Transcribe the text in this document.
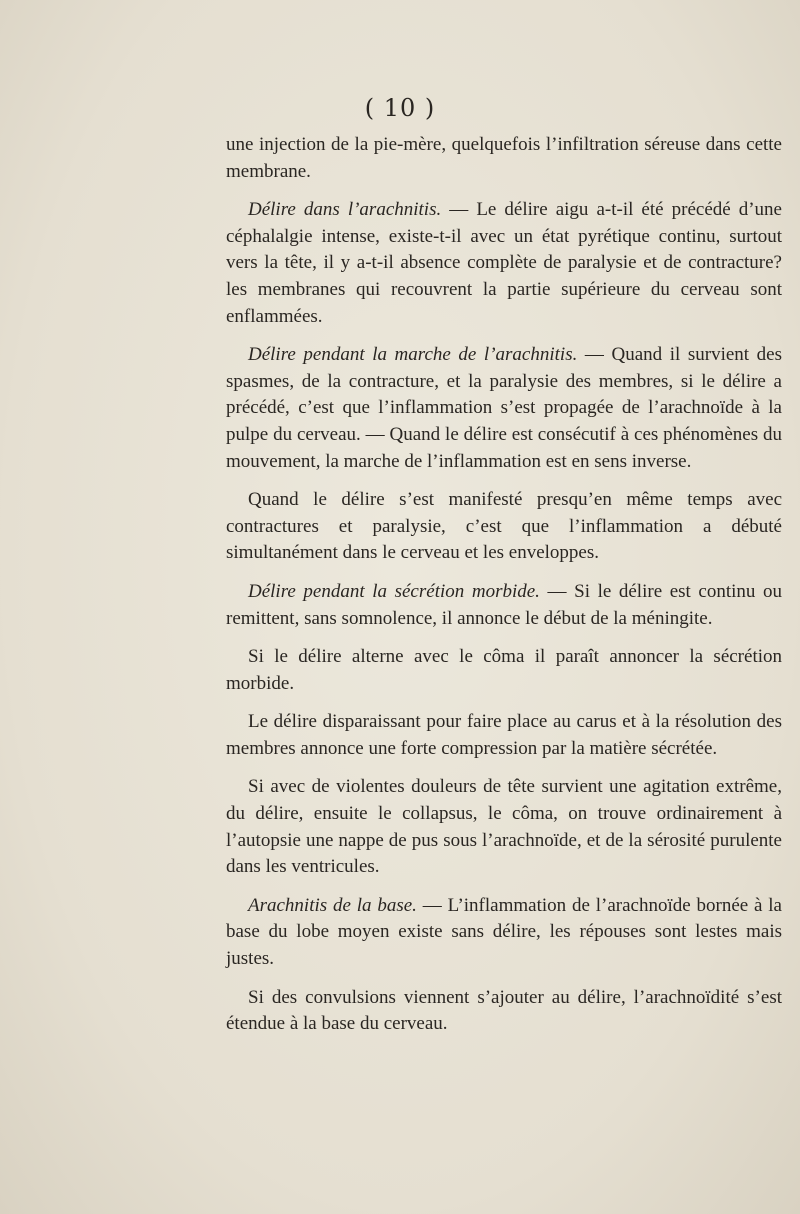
( 10 )

une injection de la pie-mère, quelquefois l’infiltration séreuse dans cette membrane.

Délire dans l’arachnitis. — Le délire aigu a-t-il été précédé d’une céphalalgie intense, existe-t-il avec un état pyrétique continu, surtout vers la tête, il y a-t-il absence complète de paralysie et de contracture? les membranes qui recouvrent la partie supérieure du cerveau sont enflammées.

Délire pendant la marche de l’arachnitis. — Quand il survient des spasmes, de la contracture, et la paralysie des membres, si le délire a précédé, c’est que l’inflammation s’est propagée de l’arachnoïde à la pulpe du cerveau. — Quand le délire est consécutif à ces phénomènes du mouvement, la marche de l’inflammation est en sens inverse.

Quand le délire s’est manifesté presqu’en même temps avec contractures et paralysie, c’est que l’inflammation a débuté simultanément dans le cerveau et les enveloppes.

Délire pendant la sécrétion morbide. — Si le délire est continu ou remittent, sans somnolence, il annonce le début de la méningite.

Si le délire alterne avec le côma il paraît annoncer la sécrétion morbide.

Le délire disparaissant pour faire place au carus et à la résolution des membres annonce une forte compression par la matière sécrétée.

Si avec de violentes douleurs de tête survient une agitation extrême, du délire, ensuite le collapsus, le côma, on trouve ordinairement à l’autopsie une nappe de pus sous l’arachnoïde, et de la sérosité purulente dans les ventricules.

Arachnitis de la base. — L’inflammation de l’arachnoïde bornée à la base du lobe moyen existe sans délire, les répouses sont lestes mais justes.

Si des convulsions viennent s’ajouter au délire, l’arachnoïdité s’est étendue à la base du cerveau.
